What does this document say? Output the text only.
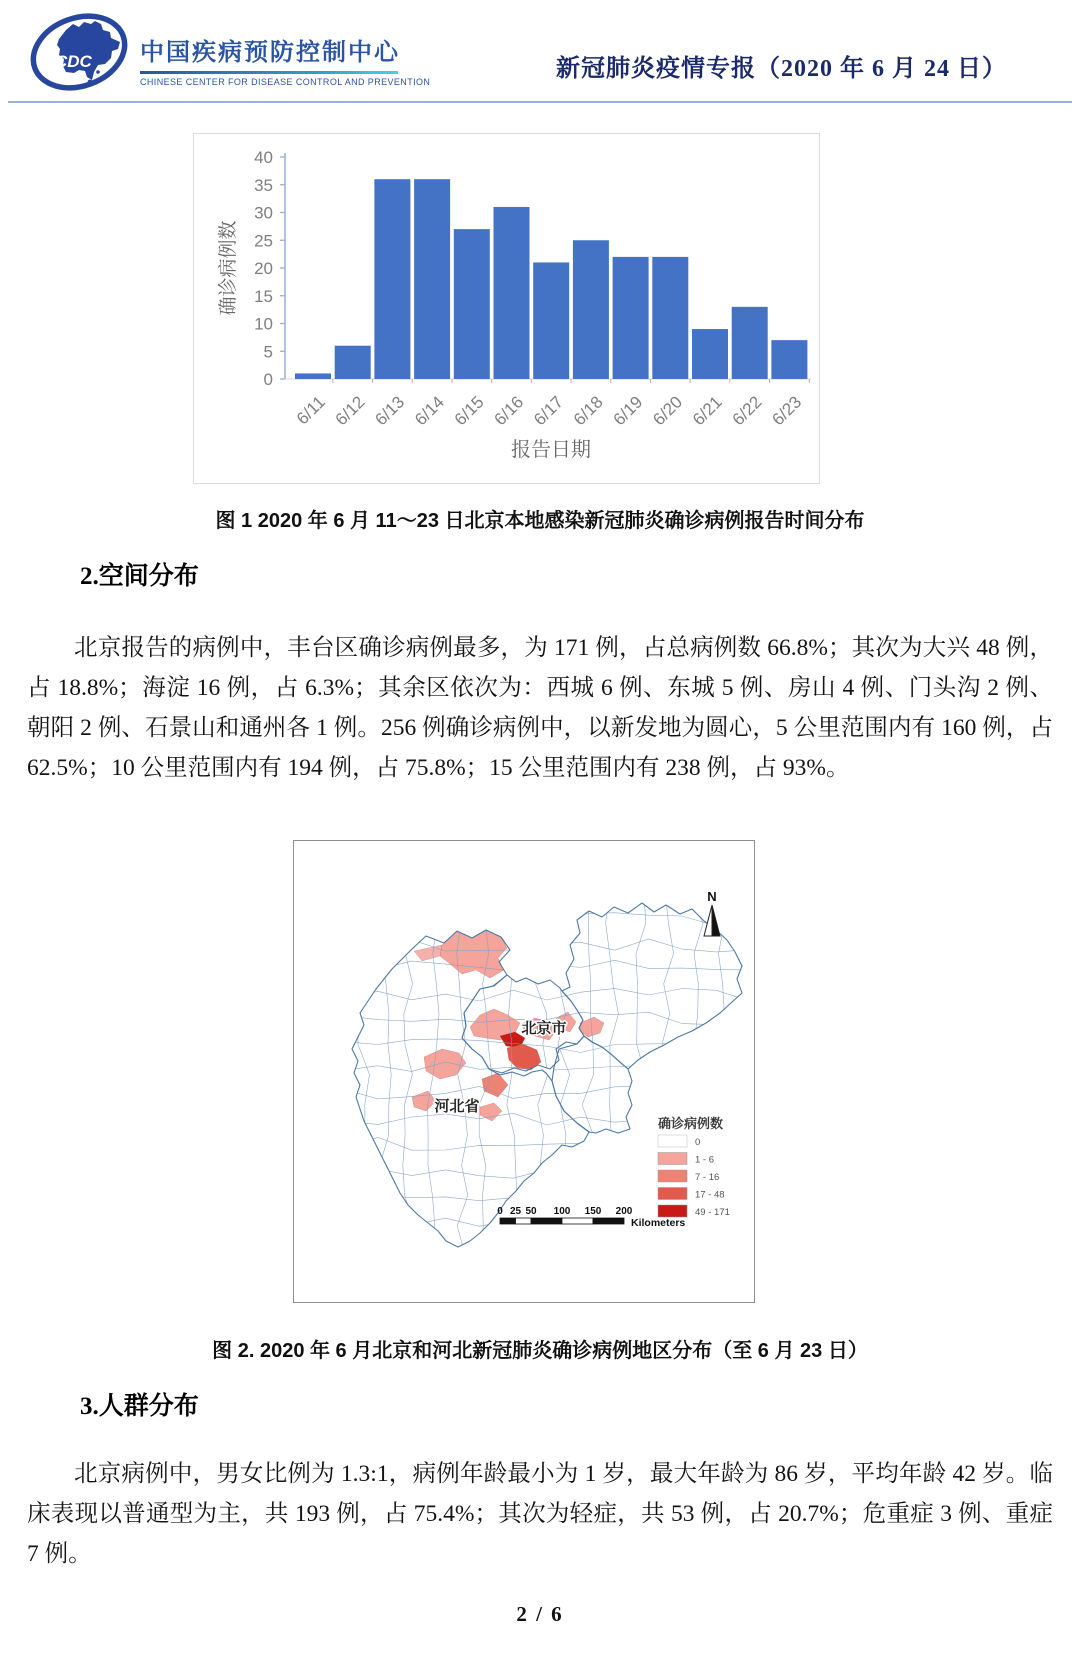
CDC 中国疾病预防控制中心
CHINESE CENTER FOR DISEASE CONTROL AND PREVENTION	新冠肺炎疫情专报（2020 年 6 月 24 日）
0
5
10
15
20
25
30
35
40
6/11 6/12 6/13 6/14 6/15 6/16 6/17 6/18 6/19 6/20 6/21 6/22 6/23
确诊病例数
报告日期
图 1 2020 年 6 月 11～23 日北京本地感染新冠肺炎确诊病例报告时间分布
2.空间分布

北京报告的病例中，丰台区确诊病例最多，为 171 例，占总病例数 66.8%；其次为大兴 48 例，占 18.8%；海淀 16 例，占 6.3%；其余区依次为：西城 6 例、东城 5 例、房山 4 例、门头沟 2 例、朝阳 2 例、石景山和通州各 1 例。256 例确诊病例中，以新发地为圆心，5 公里范围内有 160 例，占 62.5%；10 公里范围内有 194 例，占 75.8%；15 公里范围内有 238 例，占 93%。

N
北京市
河北省
确诊病例数
0
1 - 6
7 - 16
17 - 48
49 - 171
0 25 50 100 150 200
Kilometers
图 2. 2020 年 6 月北京和河北新冠肺炎确诊病例地区分布（至 6 月 23 日）
3.人群分布

北京病例中，男女比例为 1.3:1，病例年龄最小为 1 岁，最大年龄为 86 岁，平均年龄 42 岁。临床表现以普通型为主，共 193 例，占 75.4%；其次为轻症，共 53 例，占 20.7%；危重症 3 例、重症 7 例。

2 / 6
